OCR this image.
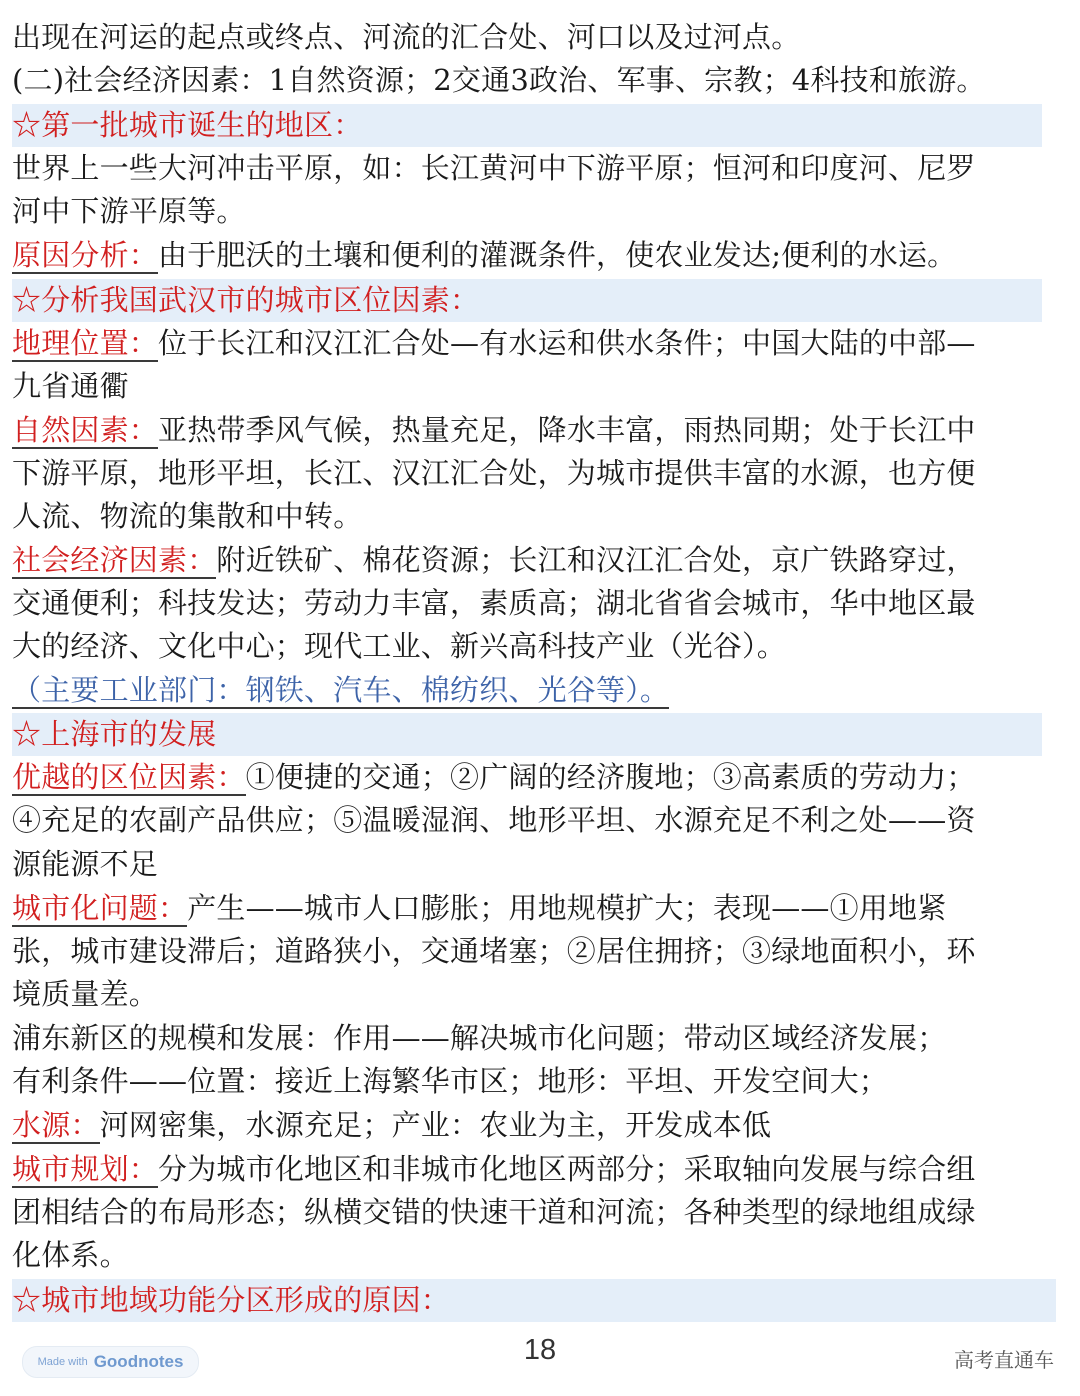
出现在河运的起点或终点、河流的汇合处、河口以及过河点。
(二)社会经济因素：1自然资源；2交通3政治、军事、宗教；4科技和旅游。
☆第一批城市诞生的地区：
世界上一些大河冲击平原，如：长江黄河中下游平原；恒河和印度河、尼罗
河中下游平原等。
原因分析：由于肥沃的土壤和便利的灌溉条件，使农业发达;便利的水运。
☆分析我国武汉市的城市区位因素：
地理位置：位于长江和汉江汇合处—有水运和供水条件；中国大陆的中部—
九省通衢
自然因素：亚热带季风气候，热量充足，降水丰富，雨热同期；处于长江中
下游平原，地形平坦，长江、汉江汇合处，为城市提供丰富的水源，也方便
人流、物流的集散和中转。
社会经济因素：附近铁矿、棉花资源；长江和汉江汇合处，京广铁路穿过，
交通便利；科技发达；劳动力丰富，素质高；湖北省省会城市，华中地区最
大的经济、文化中心；现代工业、新兴高科技产业（光谷）。
（主要工业部门：钢铁、汽车、棉纺织、光谷等）。
☆上海市的发展
优越的区位因素：①便捷的交通；②广阔的经济腹地；③高素质的劳动力；
④充足的农副产品供应；⑤温暖湿润、地形平坦、水源充足不利之处——资
源能源不足
城市化问题：产生——城市人口膨胀；用地规模扩大；表现——①用地紧
张，城市建设滞后；道路狭小，交通堵塞；②居住拥挤；③绿地面积小，环
境质量差。
浦东新区的规模和发展：作用——解决城市化问题；带动区域经济发展；
有利条件——位置：接近上海繁华市区；地形：平坦、开发空间大；
水源：河网密集，水源充足；产业：农业为主，开发成本低
城市规划：分为城市化地区和非城市化地区两部分；采取轴向发展与综合组
团相结合的布局形态；纵横交错的快速干道和河流；各种类型的绿地组成绿
化体系。
☆城市地域功能分区形成的原因：
Made with Goodnotes	18	高考直通车
